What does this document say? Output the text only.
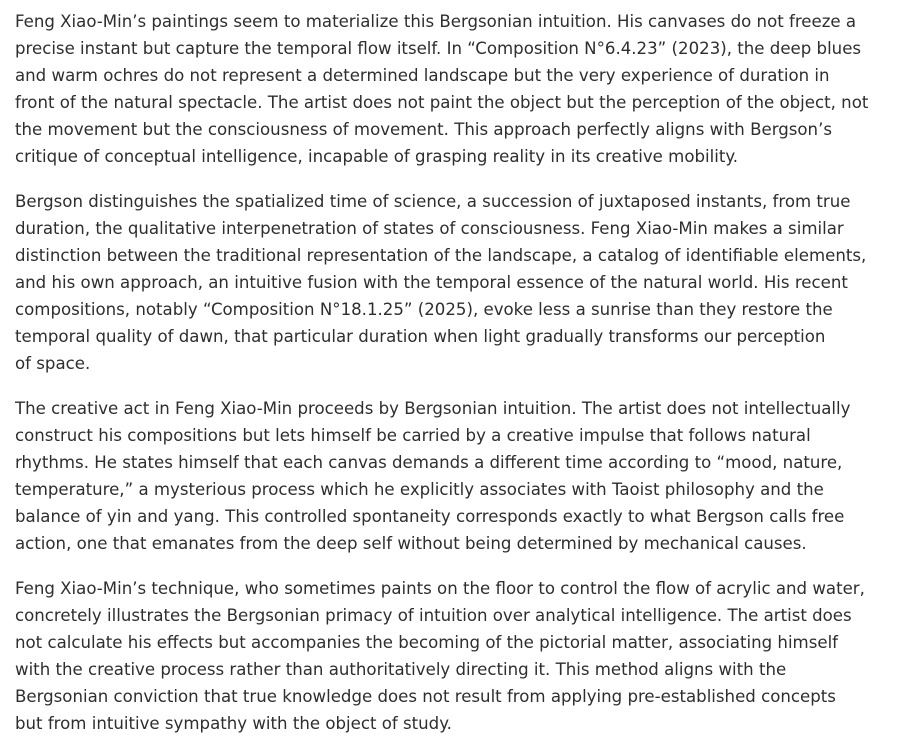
Feng Xiao-Min’s paintings seem to materialize this Bergsonian intuition. His canvases do not freeze a
precise instant but capture the temporal flow itself. In “Composition N°6.4.23” (2023), the deep blues
and warm ochres do not represent a determined landscape but the very experience of duration in
front of the natural spectacle. The artist does not paint the object but the perception of the object, not
the movement but the consciousness of movement. This approach perfectly aligns with Bergson’s
critique of conceptual intelligence, incapable of grasping reality in its creative mobility.

Bergson distinguishes the spatialized time of science, a succession of juxtaposed instants, from true
duration, the qualitative interpenetration of states of consciousness. Feng Xiao-Min makes a similar
distinction between the traditional representation of the landscape, a catalog of identifiable elements,
and his own approach, an intuitive fusion with the temporal essence of the natural world. His recent
compositions, notably “Composition N°18.1.25” (2025), evoke less a sunrise than they restore the
temporal quality of dawn, that particular duration when light gradually transforms our perception
of space.

The creative act in Feng Xiao-Min proceeds by Bergsonian intuition. The artist does not intellectually
construct his compositions but lets himself be carried by a creative impulse that follows natural
rhythms. He states himself that each canvas demands a different time according to “mood, nature,
temperature,” a mysterious process which he explicitly associates with Taoist philosophy and the
balance of yin and yang. This controlled spontaneity corresponds exactly to what Bergson calls free
action, one that emanates from the deep self without being determined by mechanical causes.

Feng Xiao-Min’s technique, who sometimes paints on the floor to control the flow of acrylic and water,
concretely illustrates the Bergsonian primacy of intuition over analytical intelligence. The artist does
not calculate his effects but accompanies the becoming of the pictorial matter, associating himself
with the creative process rather than authoritatively directing it. This method aligns with the
Bergsonian conviction that true knowledge does not result from applying pre-established concepts
but from intuitive sympathy with the object of study.
